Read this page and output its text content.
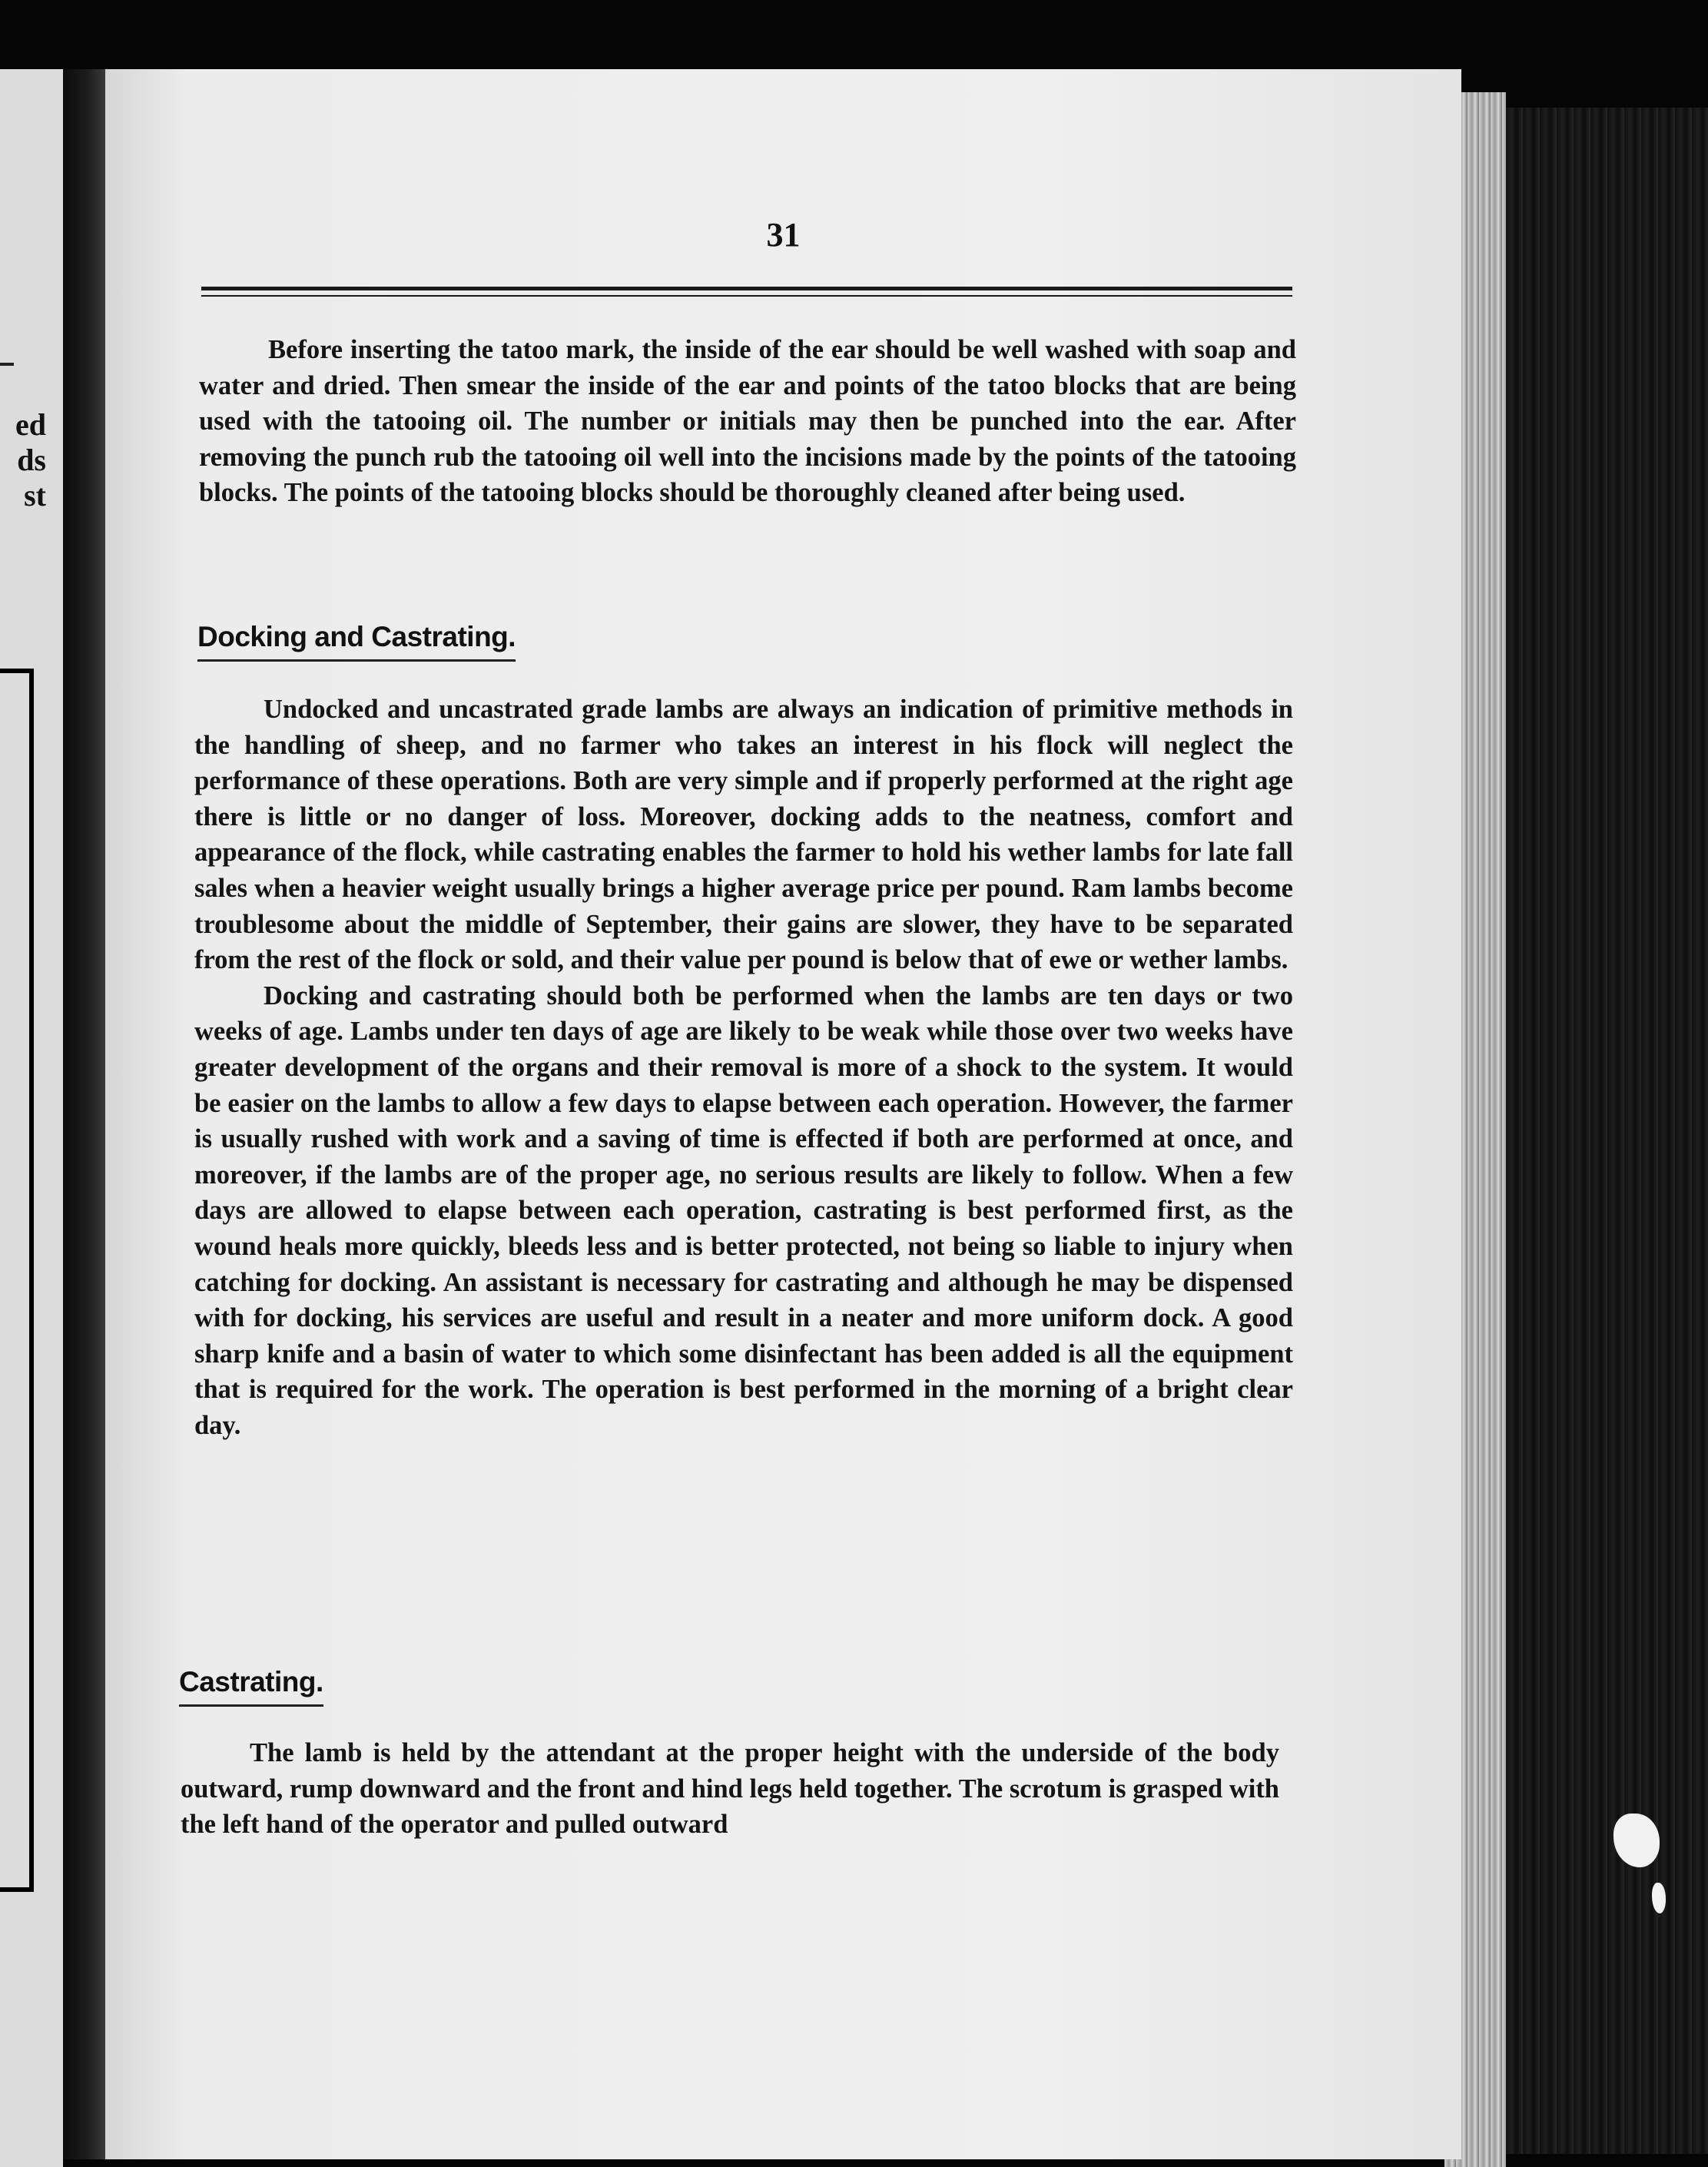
ed
ds
st
31

Before inserting the tatoo mark, the inside of the ear should be well washed with soap and water and dried. Then smear the inside of the ear and points of the tatoo blocks that are being used with the tatooing oil. The number or initials may then be punched into the ear. After removing the punch rub the tatooing oil well into the incisions made by the points of the tatooing blocks. The points of the tatooing blocks should be thoroughly cleaned after being used.

Docking and Castrating.

Undocked and uncastrated grade lambs are always an indication of primitive methods in the handling of sheep, and no farmer who takes an interest in his flock will neglect the performance of these operations. Both are very simple and if properly performed at the right age there is little or no danger of loss. Moreover, docking adds to the neatness, comfort and appearance of the flock, while castrating enables the farmer to hold his wether lambs for late fall sales when a heavier weight usually brings a higher average price per pound. Ram lambs become troublesome about the middle of September, their gains are slower, they have to be separated from the rest of the flock or sold, and their value per pound is below that of ewe or wether lambs.

Docking and castrating should both be performed when the lambs are ten days or two weeks of age. Lambs under ten days of age are likely to be weak while those over two weeks have greater development of the organs and their removal is more of a shock to the system. It would be easier on the lambs to allow a few days to elapse between each operation. However, the farmer is usually rushed with work and a saving of time is effected if both are performed at once, and moreover, if the lambs are of the proper age, no serious results are likely to follow. When a few days are allowed to elapse between each operation, castrating is best performed first, as the wound heals more quickly, bleeds less and is better protected, not being so liable to injury when catching for docking. An assistant is necessary for castrating and although he may be dispensed with for docking, his services are useful and result in a neater and more uniform dock. A good sharp knife and a basin of water to which some disinfectant has been added is all the equipment that is required for the work. The operation is best performed in the morning of a bright clear day.

Castrating.

The lamb is held by the attendant at the proper height with the underside of the body outward, rump downward and the front and hind legs held together. The scrotum is grasped with the left hand of the operator and pulled outward
